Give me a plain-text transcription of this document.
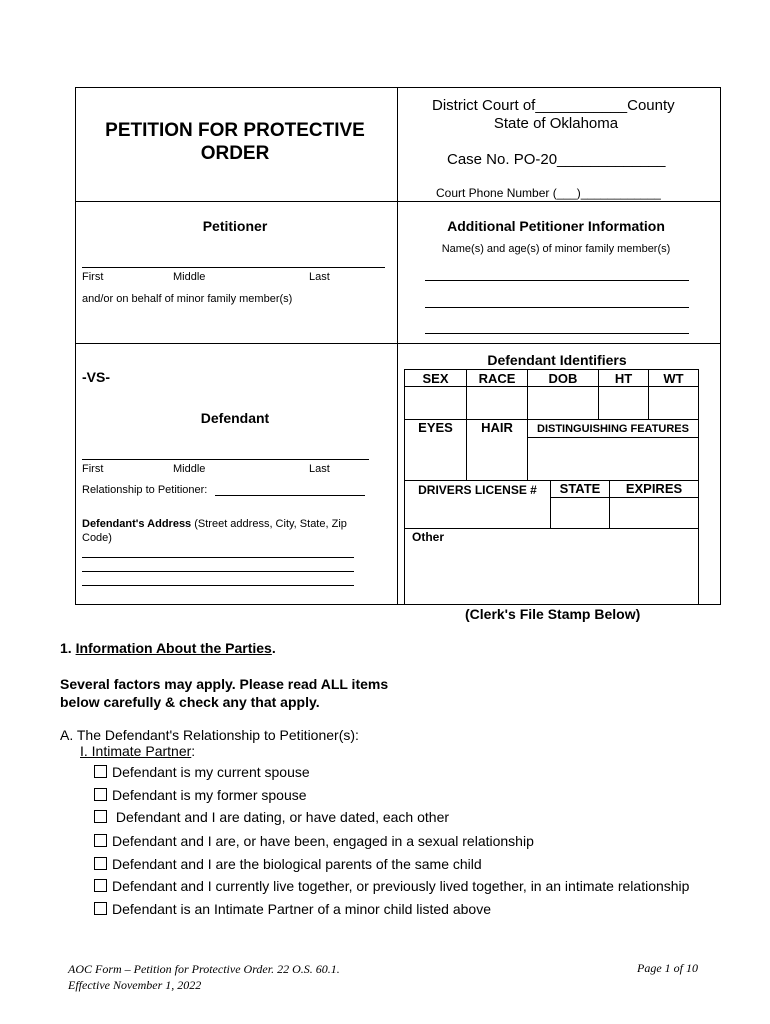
PETITION FOR PROTECTIVE
ORDER
District Court of___________County
State of Oklahoma
Case No. PO-20_____________
Court Phone Number (___)____________
Petitioner
First	Middle	Last
and/or on behalf of minor family member(s)
Additional Petitioner Information
Name(s) and age(s) of minor family member(s)
-VS-
Defendant
First	Middle	Last
Relationship to Petitioner:
Defendant's Address (Street address, City, State, Zip Code)
Defendant Identifiers
SEX	RACE	DOB	HT	WT
EYES	HAIR	DISTINGUISHING FEATURES
DRIVERS LICENSE #	STATE	EXPIRES
Other
(Clerk's File Stamp Below)
1. Information About the Parties.
Several factors may apply. Please read ALL items
below carefully & check any that apply.
A. The Defendant's Relationship to Petitioner(s):
I. Intimate Partner:
Defendant is my current spouse
Defendant is my former spouse
Defendant and I are dating, or have dated, each other
Defendant and I are, or have been, engaged in a sexual relationship
Defendant and I are the biological parents of the same child
Defendant and I currently live together, or previously lived together, in an intimate relationship
Defendant is an Intimate Partner of a minor child listed above
AOC Form – Petition for Protective Order. 22 O.S. 60.1.
Effective November 1, 2022
Page 1 of 10
